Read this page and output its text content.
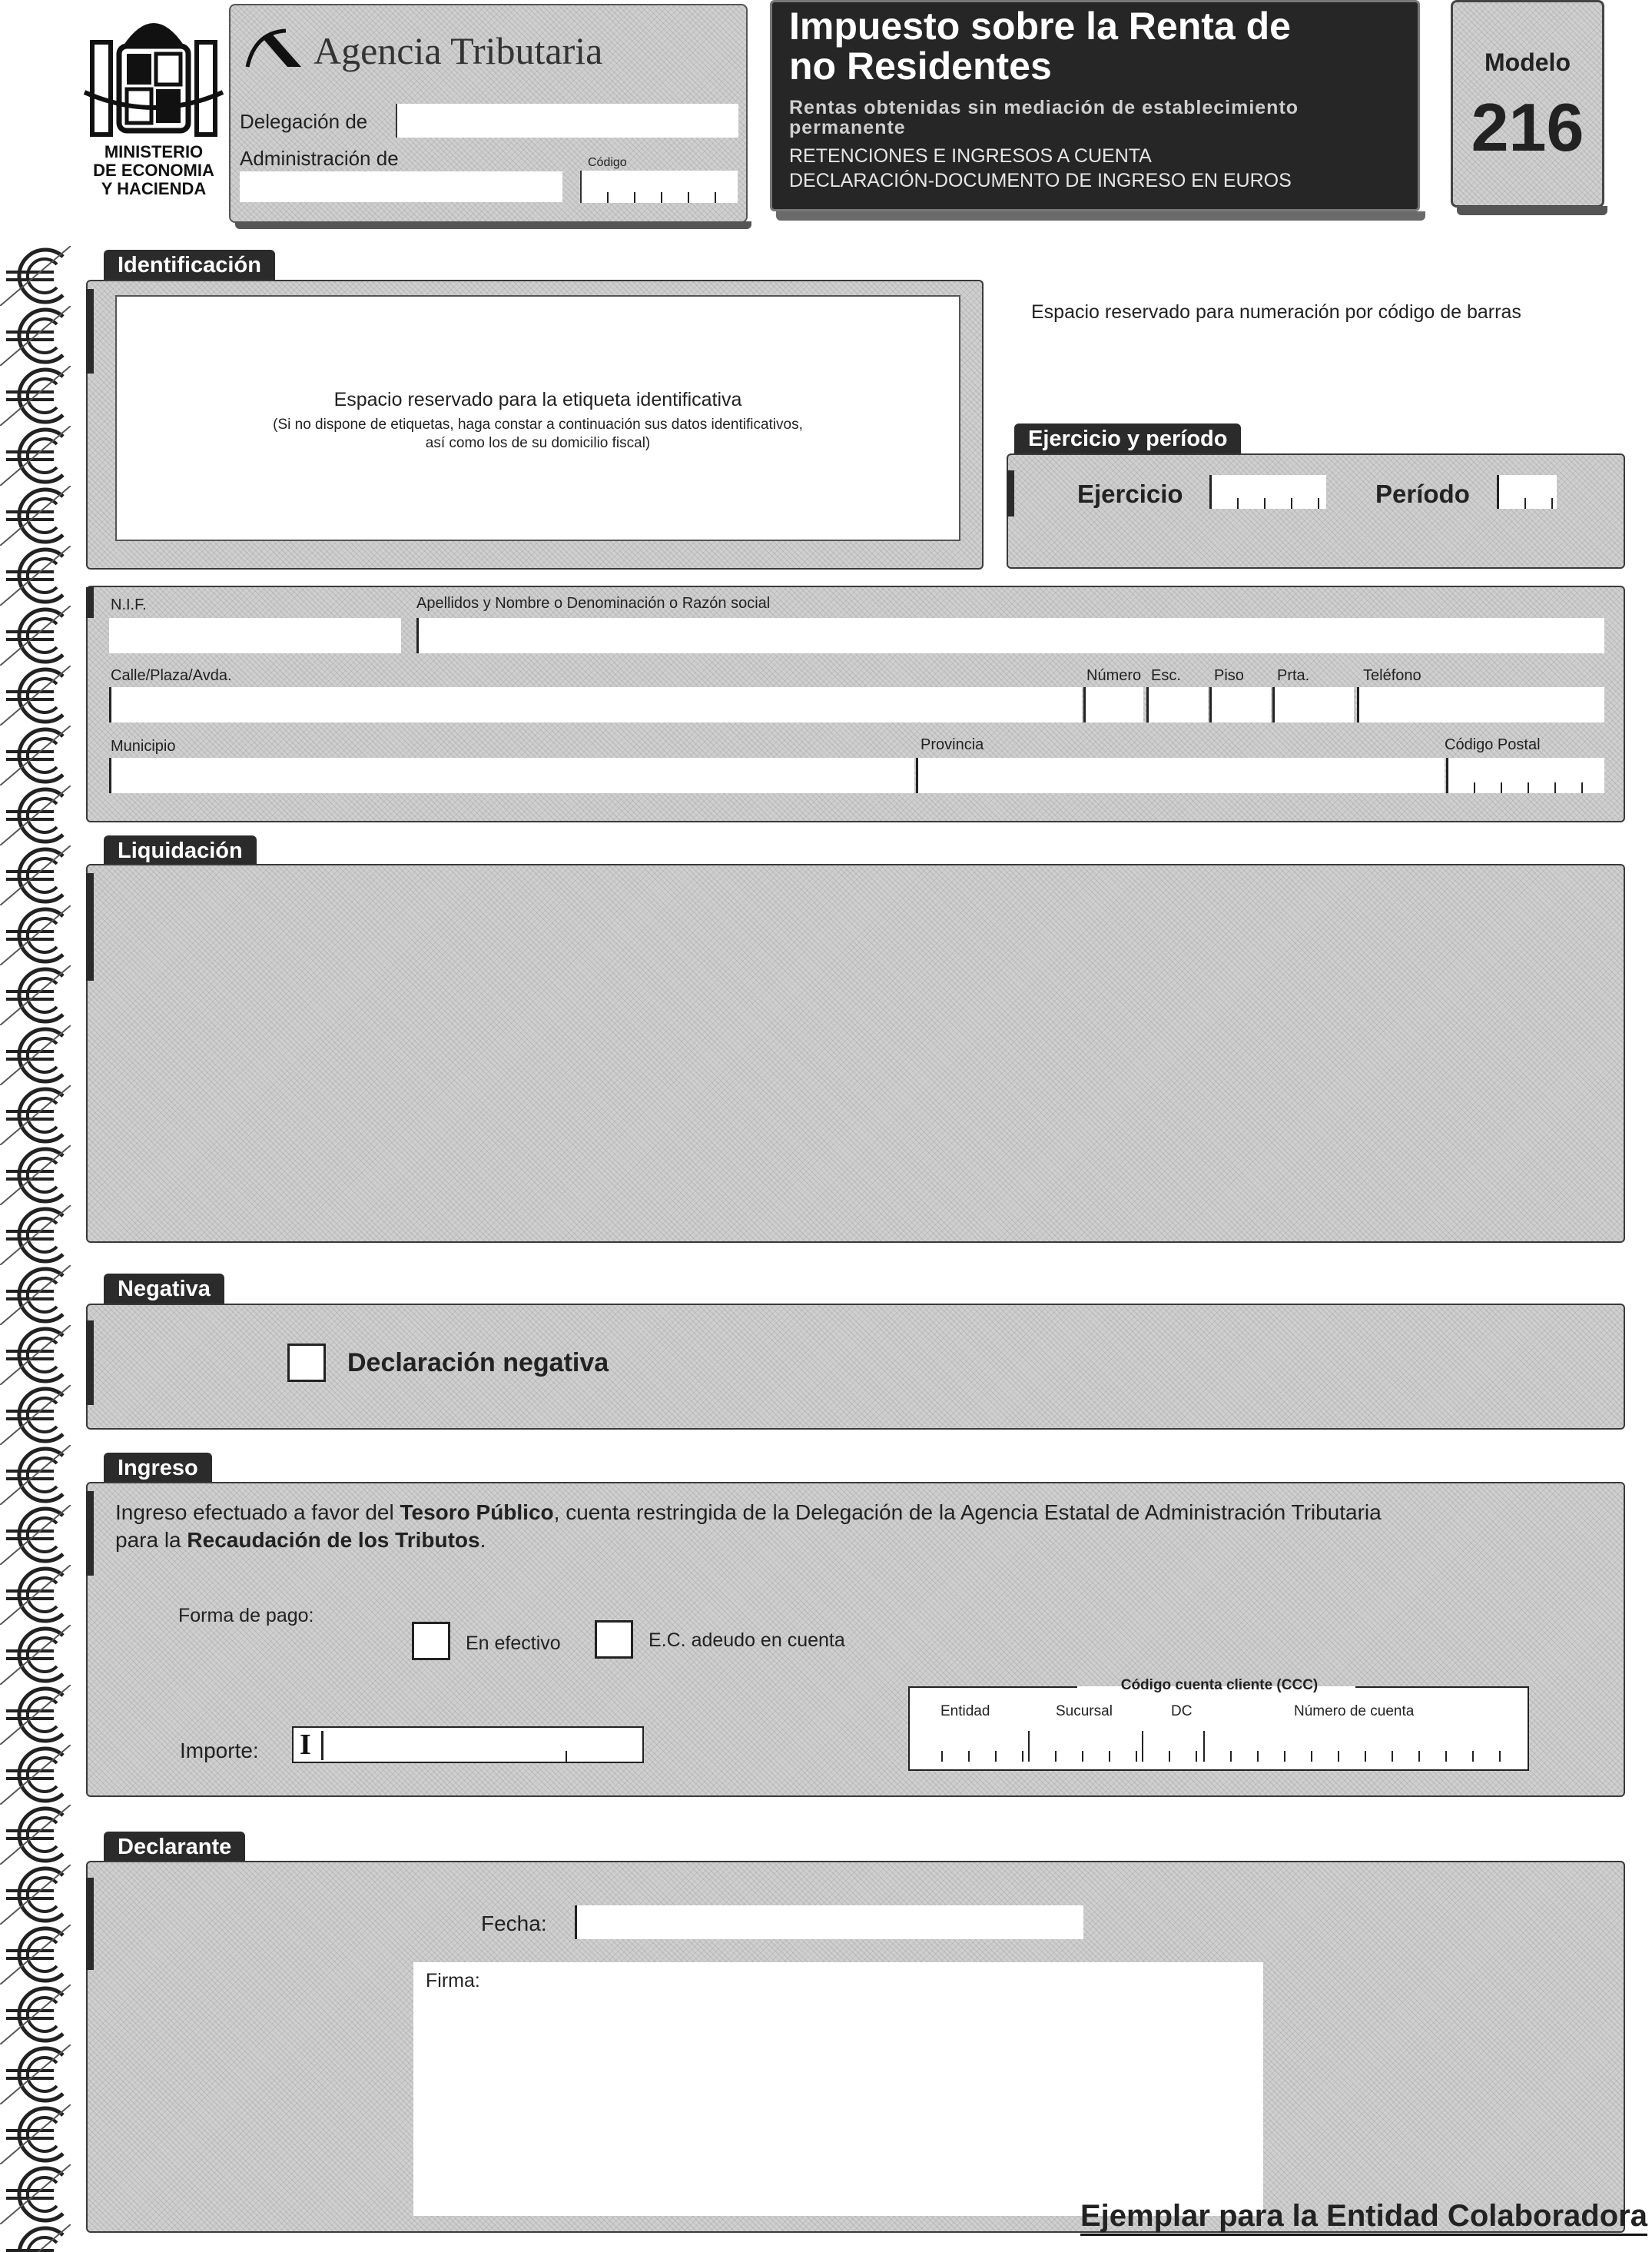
MINISTERIO
DE ECONOMIA
Y HACIENDA
Agencia Tributaria
Delegación de
Administración de	Código
Impuesto sobre la Renta de
no Residentes
Rentas obtenidas sin mediación de establecimiento permanente
RETENCIONES E INGRESOS A CUENTA
DECLARACIÓN-DOCUMENTO DE INGRESO EN EUROS
Modelo
216
Identificación
Espacio reservado para la etiqueta identificativa
(Si no dispone de etiquetas, haga constar a continuación sus datos identificativos,
así como los de su domicilio fiscal)
Espacio reservado para numeración por código de barras
Ejercicio y período
Ejercicio	Período
N.I.F.	Apellidos y Nombre o Denominación o Razón social
Calle/Plaza/Avda.	Número Esc. Piso Prta.	Teléfono
Municipio	Provincia	Código Postal
Liquidación
Negativa
Declaración negativa
Ingreso
Ingreso efectuado a favor del Tesoro Público, cuenta restringida de la Delegación de la Agencia Estatal de Administración Tributaria
para la Recaudación de los Tributos.
Forma de pago:
En efectivo	E.C. adeudo en cuenta
Código cuenta cliente (CCC)
Entidad	Sucursal	DC	Número de cuenta
Importe: I
Declarante
Fecha:
Firma:
Ejemplar para la Entidad Colaboradora
